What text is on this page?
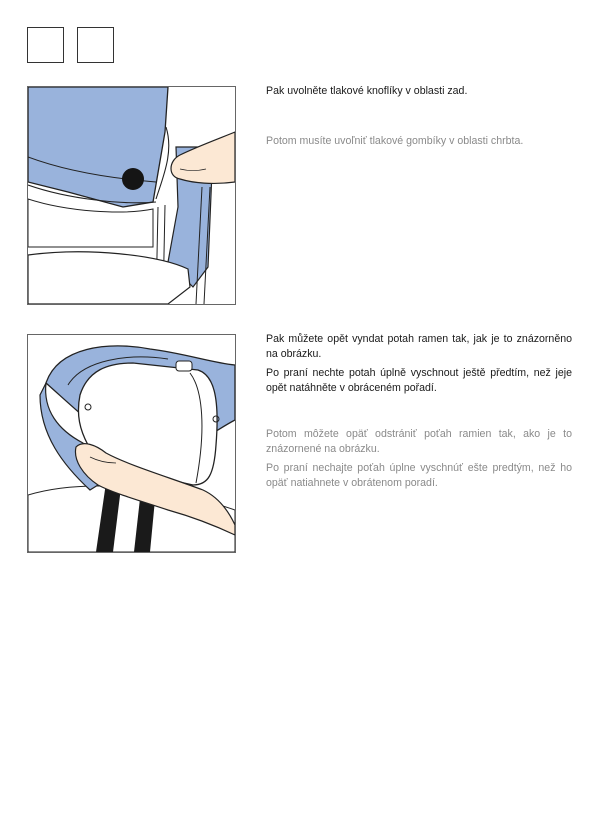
Pak uvolněte tlakové knoflíky v oblasti zad.

Potom musíte uvoľniť tlakové gombíky v oblasti chrbta.

Pak můžete opět vyndat potah ramen tak, jak je to znázorněno na obrázku.

Po praní nechte potah úplně vyschnout ještě předtím, než jeje opět natáhněte v obráceném pořadí.

Potom môžete opäť odstrániť poťah ramien tak, ako je to znázornené na obrázku.

Po praní nechajte poťah úplne vyschnúť ešte predtým, než ho opäť natiahnete v obrátenom poradí.
